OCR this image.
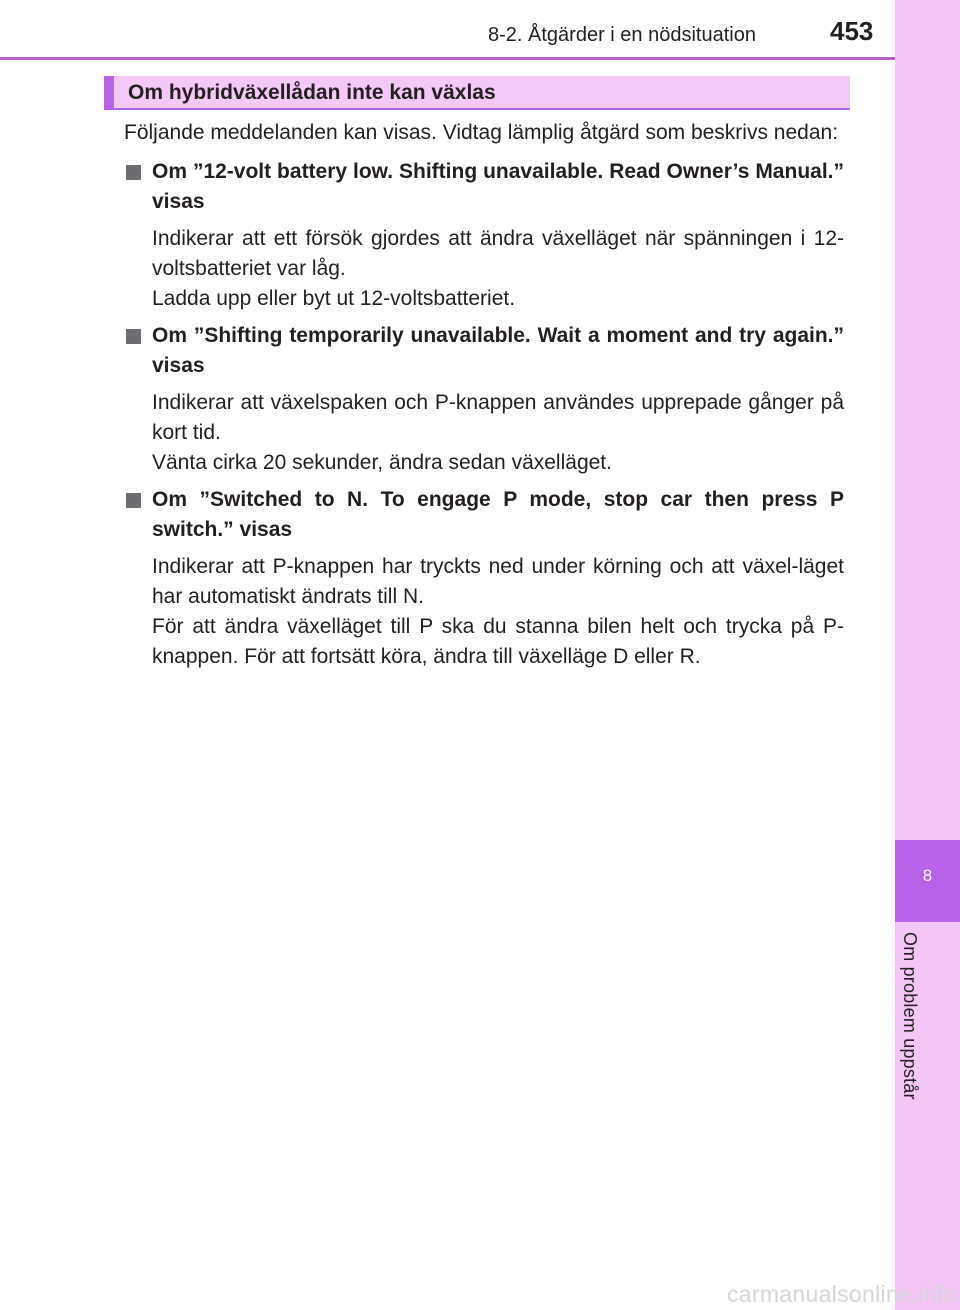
8
Om problem uppstår
8-2. Åtgärder i en nödsituation	453
Om hybridväxellådan inte kan växlas

Följande meddelanden kan visas. Vidtag lämplig åtgärd som beskrivs nedan:

Om ”12-volt battery low. Shifting unavailable. Read Owner’s Manual.” visas

Indikerar att ett försök gjordes att ändra växelläget när spänningen i 12-voltsbatteriet var låg.

Ladda upp eller byt ut 12-voltsbatteriet.

Om ”Shifting temporarily unavailable. Wait a moment and try again.” visas

Indikerar att växelspaken och P-knappen användes upprepade gånger på kort tid.

Vänta cirka 20 sekunder, ändra sedan växelläget.

Om ”Switched to N. To engage P mode, stop car then press P switch.” visas

Indikerar att P-knappen har tryckts ned under körning och att växel-läget har automatiskt ändrats till N.

För att ändra växelläget till P ska du stanna bilen helt och trycka på P-knappen. För att fortsätt köra, ändra till växelläge D eller R.

carmanualsonline.info
